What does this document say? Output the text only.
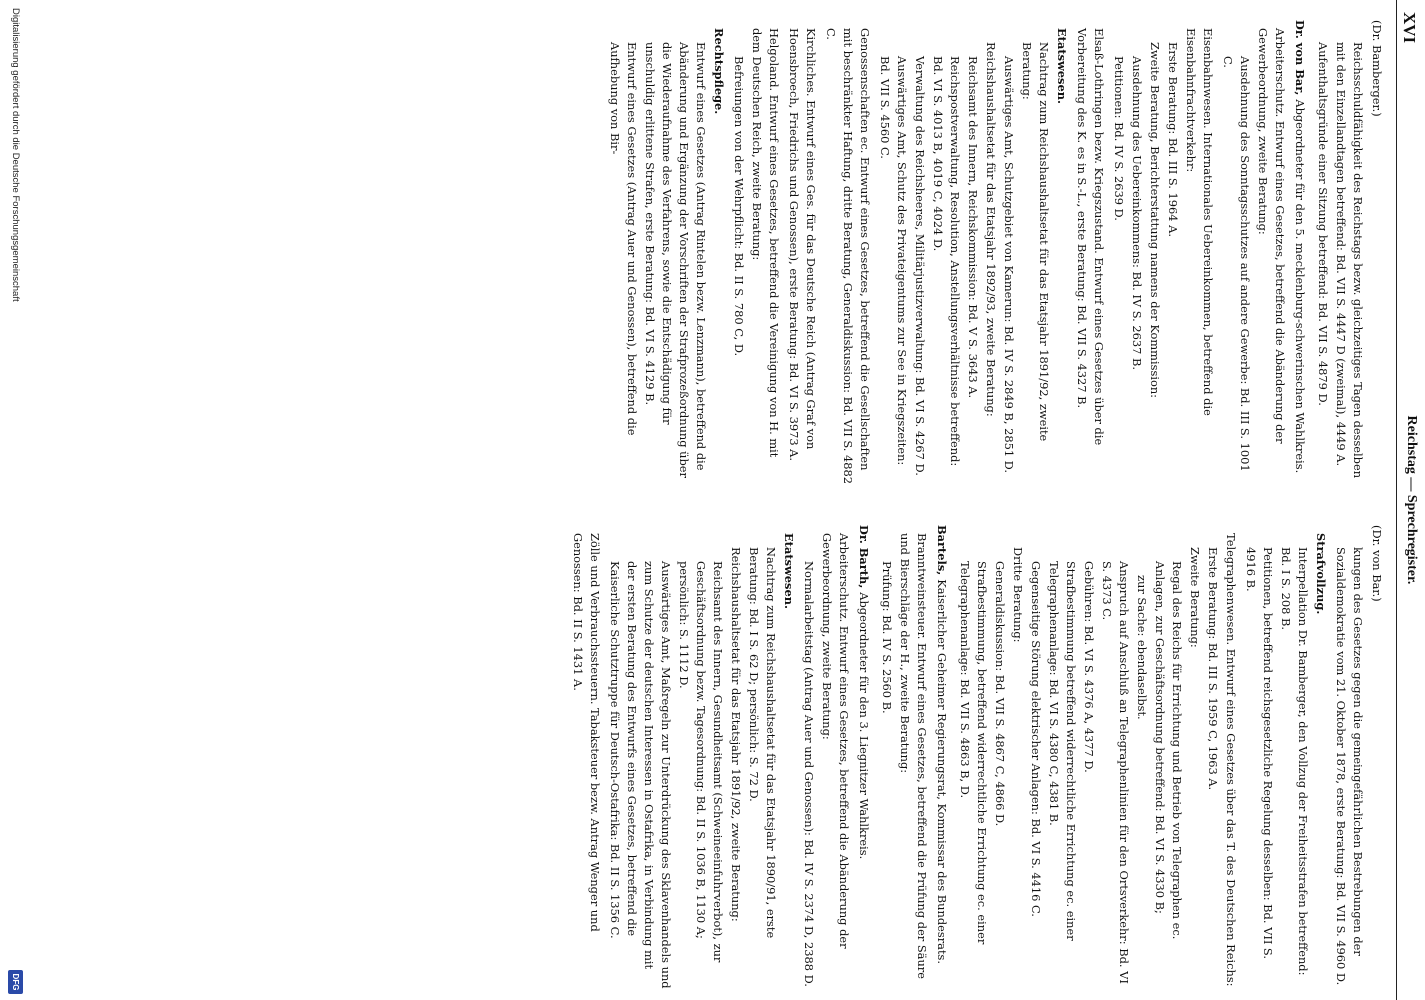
XVI
Reichstag — Sprechregister.
(Dr. Bamberger.)
Reichsschuldfähigkeit des Reichstags bezw. gleichzeitiges Tagen desselben mit den Einzellandtagen betreffend: Bd. VII S. 4447 D (zweimal), 4449 A.
Aufenthaltsgründe einer Sitzung betreffend: Bd. VII S. 4879 D.
Dr. von Bar, Abgeordneter für den 5. mecklenburg-schwerinschen Wahlkreis.
Arbeiterschutz. Entwurf eines Gesetzes, betreffend die Abänderung der Gewerbeordnung, zweite Beratung:
Ausdehnung des Sonntagsschutzes auf andere Gewerbe: Bd. III S. 1001 C.
Eisenbahnwesen. Internationales Uebereinkommen, betreffend die Eisenbahnfrachtverkehr:
Erste Beratung: Bd. III S. 1964 A.
Zweite Beratung, Berichterstattung namens der Kommission:
Ausdehnung des Uebereinkommens: Bd. IV S. 2637 B.
Petitionen: Bd. IV S. 2639 D.
Elsaß-Lothringen bezw. Kriegszustand. Entwurf eines Gesetzes über die Vorbereitung des K. es in S.-L., erste Beratung: Bd. VII S. 4327 B.
Etatswesen.
Nachtrag zum Reichshaushaltsetat für das Etatsjahr 1891/92, zweite Beratung:
Auswärtiges Amt, Schutzgebiet von Kamerun: Bd. IV S. 2849 B, 2851 D.
Reichshaushaltsetat für das Etatsjahr 1892/93, zweite Beratung:
Reichsamt des Innern, Reichskommission: Bd. V S. 3643 A.
Reichspostverwaltung, Resolution, Anstellungsverhältnisse betreffend: Bd. VI S. 4013 B, 4019 C, 4024 D.
Verwaltung des Reichsheeres, Militärjustizverwaltung: Bd. VI S. 4267 D.
Auswärtiges Amt, Schutz des Privateigentums zur See in Kriegszeiten: Bd. VII S. 4560 C.
Genossenschaften ec. Entwurf eines Gesetzes, betreffend die Gesellschaften mit beschränkter Haftung, dritte Beratung, Generaldiskussion: Bd. VII S. 4882 C.
Kirchliches. Entwurf eines Ges. für das Deutsche Reich (Antrag Graf von Hoensbroech, Friedrichs und Genossen), erste Beratung: Bd. VI S. 3973 A.
Helgoland. Entwurf eines Gesetzes, betreffend die Vereinigung von H. mit dem Deutschen Reich, zweite Beratung:
Befreiungen von der Wehrpflicht: Bd. II S. 780 C, D.
Rechtspflege.
Entwurf eines Gesetzes (Antrag Rintelen bezw. Lenzmann), betreffend die Abänderung und Ergänzung der Vorschriften der Strafprozeßordnung über die Wiederaufnahme des Verfahrens, sowie die Entschädigung für unschuldig erlittene Strafen, erste Beratung: Bd. VI S. 4129 B.
Entwurf eines Gesetzes (Antrag Auer und Genossen), betreffend die Aufhebung von Bir-
(Dr. von Bar.)
kungen des Gesetzes gegen die gemeingefährlichen Bestrebungen der Sozialdemokratie vom 21. Oktober 1878, erste Beratung: Bd. VII S. 4960 D.
Strafvollzug.
Interpellation Dr. Bamberger, den Vollzug der Freiheitsstrafen betreffend: Bd. I S. 208 B.
Petitionen, betreffend reichsgesetzliche Regelung desselben: Bd. VII S. 4916 B.
Telegraphenwesen. Entwurf eines Gesetzes über das T. des Deutschen Reichs:
Erste Beratung: Bd. III S. 1959 C, 1963 A.
Zweite Beratung:
Regal des Reichs für Errichtung und Betrieb von Telegraphen ec. Anlagen, zur Geschäftsordnung betreffend: Bd. VI S. 4330 B;
zur Sache: ebendaselbst.
Anspruch auf Anschluß an Telegraphenlinien für den Ortsverkehr: Bd. VI S. 4373 C.
Gebühren: Bd. VI S. 4376 A, 4377 D.
Strafbestimmung betreffend widerrechtliche Errichtung ec. einer Telegraphenanlage: Bd. VI S. 4380 C, 4381 B.
Gegenseitige Störung elektrischer Anlagen: Bd. VI S. 4416 C.
Dritte Beratung:
Generaldiskussion: Bd. VII S. 4867 C, 4866 D.
Strafbestimmung, betreffend widerrechtliche Errichtung ec. einer Telegraphenanlage: Bd. VII S. 4863 B, D.
Bartels, Kaiserlicher Geheimer Regierungsrat, Kommissar des Bundesrats.
Branntweinsteuer. Entwurf eines Gesetzes, betreffend die Prüfung der Säure und Bierschläge der H., zweite Beratung:
Prüfung: Bd. IV S. 2560 B.
Dr. Barth, Abgeordneter für den 3. Liegnitzer Wahlkreis.
Arbeiterschutz. Entwurf eines Gesetzes, betreffend die Abänderung der Gewerbeordnung, zweite Beratung:
Normalarbeitstag (Antrag Auer und Genossen): Bd. IV S. 2374 D, 2388 D.
Etatswesen.
Nachtrag zum Reichshaushaltsetat für das Etatsjahr 1890/91, erste Beratung: Bd. I S. 62 D; persönlich: S. 72 D.
Reichshaushaltsetat für das Etatsjahr 1891/92, zweite Beratung:
Reichsamt des Innern, Gesundheitsamt (Schweineeinfuhrverbot), zur Geschäftsordnung bezw. Tagesordnung: Bd. II S. 1036 B, 1130 A; persönlich: S. 1112 D.
Auswärtiges Amt, Maßregeln zur Unterdrückung des Sklavenhandels und zum Schutze der deutschen Interessen in Ostafrika, in Verbindung mit der ersten Beratung des Entwurfs eines Gesetzes, betreffend die Kaiserliche Schutztruppe für Deutsch-Ostafrika: Bd. II S. 1356 C.
Zölle und Verbrauchssteuern. Tabaksteuer bezw. Antrag Wenger und Genossen: Bd. II S. 1431 A.
Digitalisierung gefördert durch die Deutsche Forschungsgemeinschaft
DFG
